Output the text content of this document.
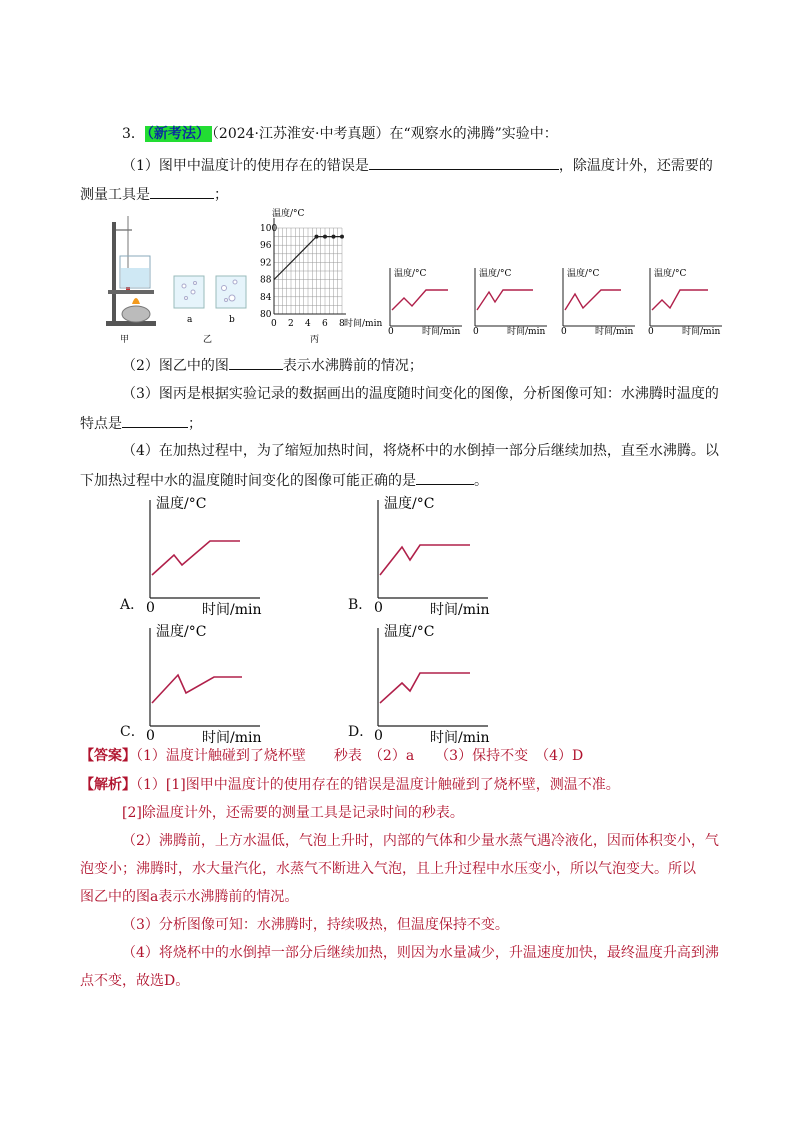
3． （新考法） （2024·江苏淮安·中考真题）在“观察水的沸腾”实验中：
（1）图甲中温度计的使用存在的错误是	，除温度计外，还需要的
测量工具是	；
a	b
甲	乙	丙
80
84
88
92
96
100
0 2 4 6 8
温度/°C
时间/min
温度/°C
时间/min
0
温度/°C
时间/min
0
温度/°C
时间/min
0
温度/°C
时间/min
0
（2）图乙中的图	表示水沸腾前的情况；
（3）图丙是根据实验记录的数据画出的温度随时间变化的图像，分析图像可知：水沸腾时温度的
特点是	；
（4）在加热过程中，为了缩短加热时间，将烧杯中的水倒掉一部分后继续加热，直至水沸腾。以
下加热过程中水的温度随时间变化的图像可能正确的是	。
温度/°C
时间/min
0
温度/°C
时间/min
0
温度/°C
时间/min
0
温度/°C
时间/min
0
A．	B．
C．	D．
【答案】（1）温度计触碰到了烧杯壁　　秒表　（2）a　　（3）保持不变　（4）D
【解析】（1）[1]图甲中温度计的使用存在的错误是温度计触碰到了烧杯壁，测温不准。
[2]除温度计外，还需要的测量工具是记录时间的秒表。
（2）沸腾前，上方水温低，气泡上升时，内部的气体和少量水蒸气遇冷液化，因而体积变小，气
泡变小；沸腾时，水大量汽化，水蒸气不断进入气泡，且上升过程中水压变小，所以气泡变大。所以
图乙中的图a表示水沸腾前的情况。
（3）分析图像可知：水沸腾时，持续吸热，但温度保持不变。
（4）将烧杯中的水倒掉一部分后继续加热，则因为水量减少，升温速度加快，最终温度升高到沸
点不变，故选D。
